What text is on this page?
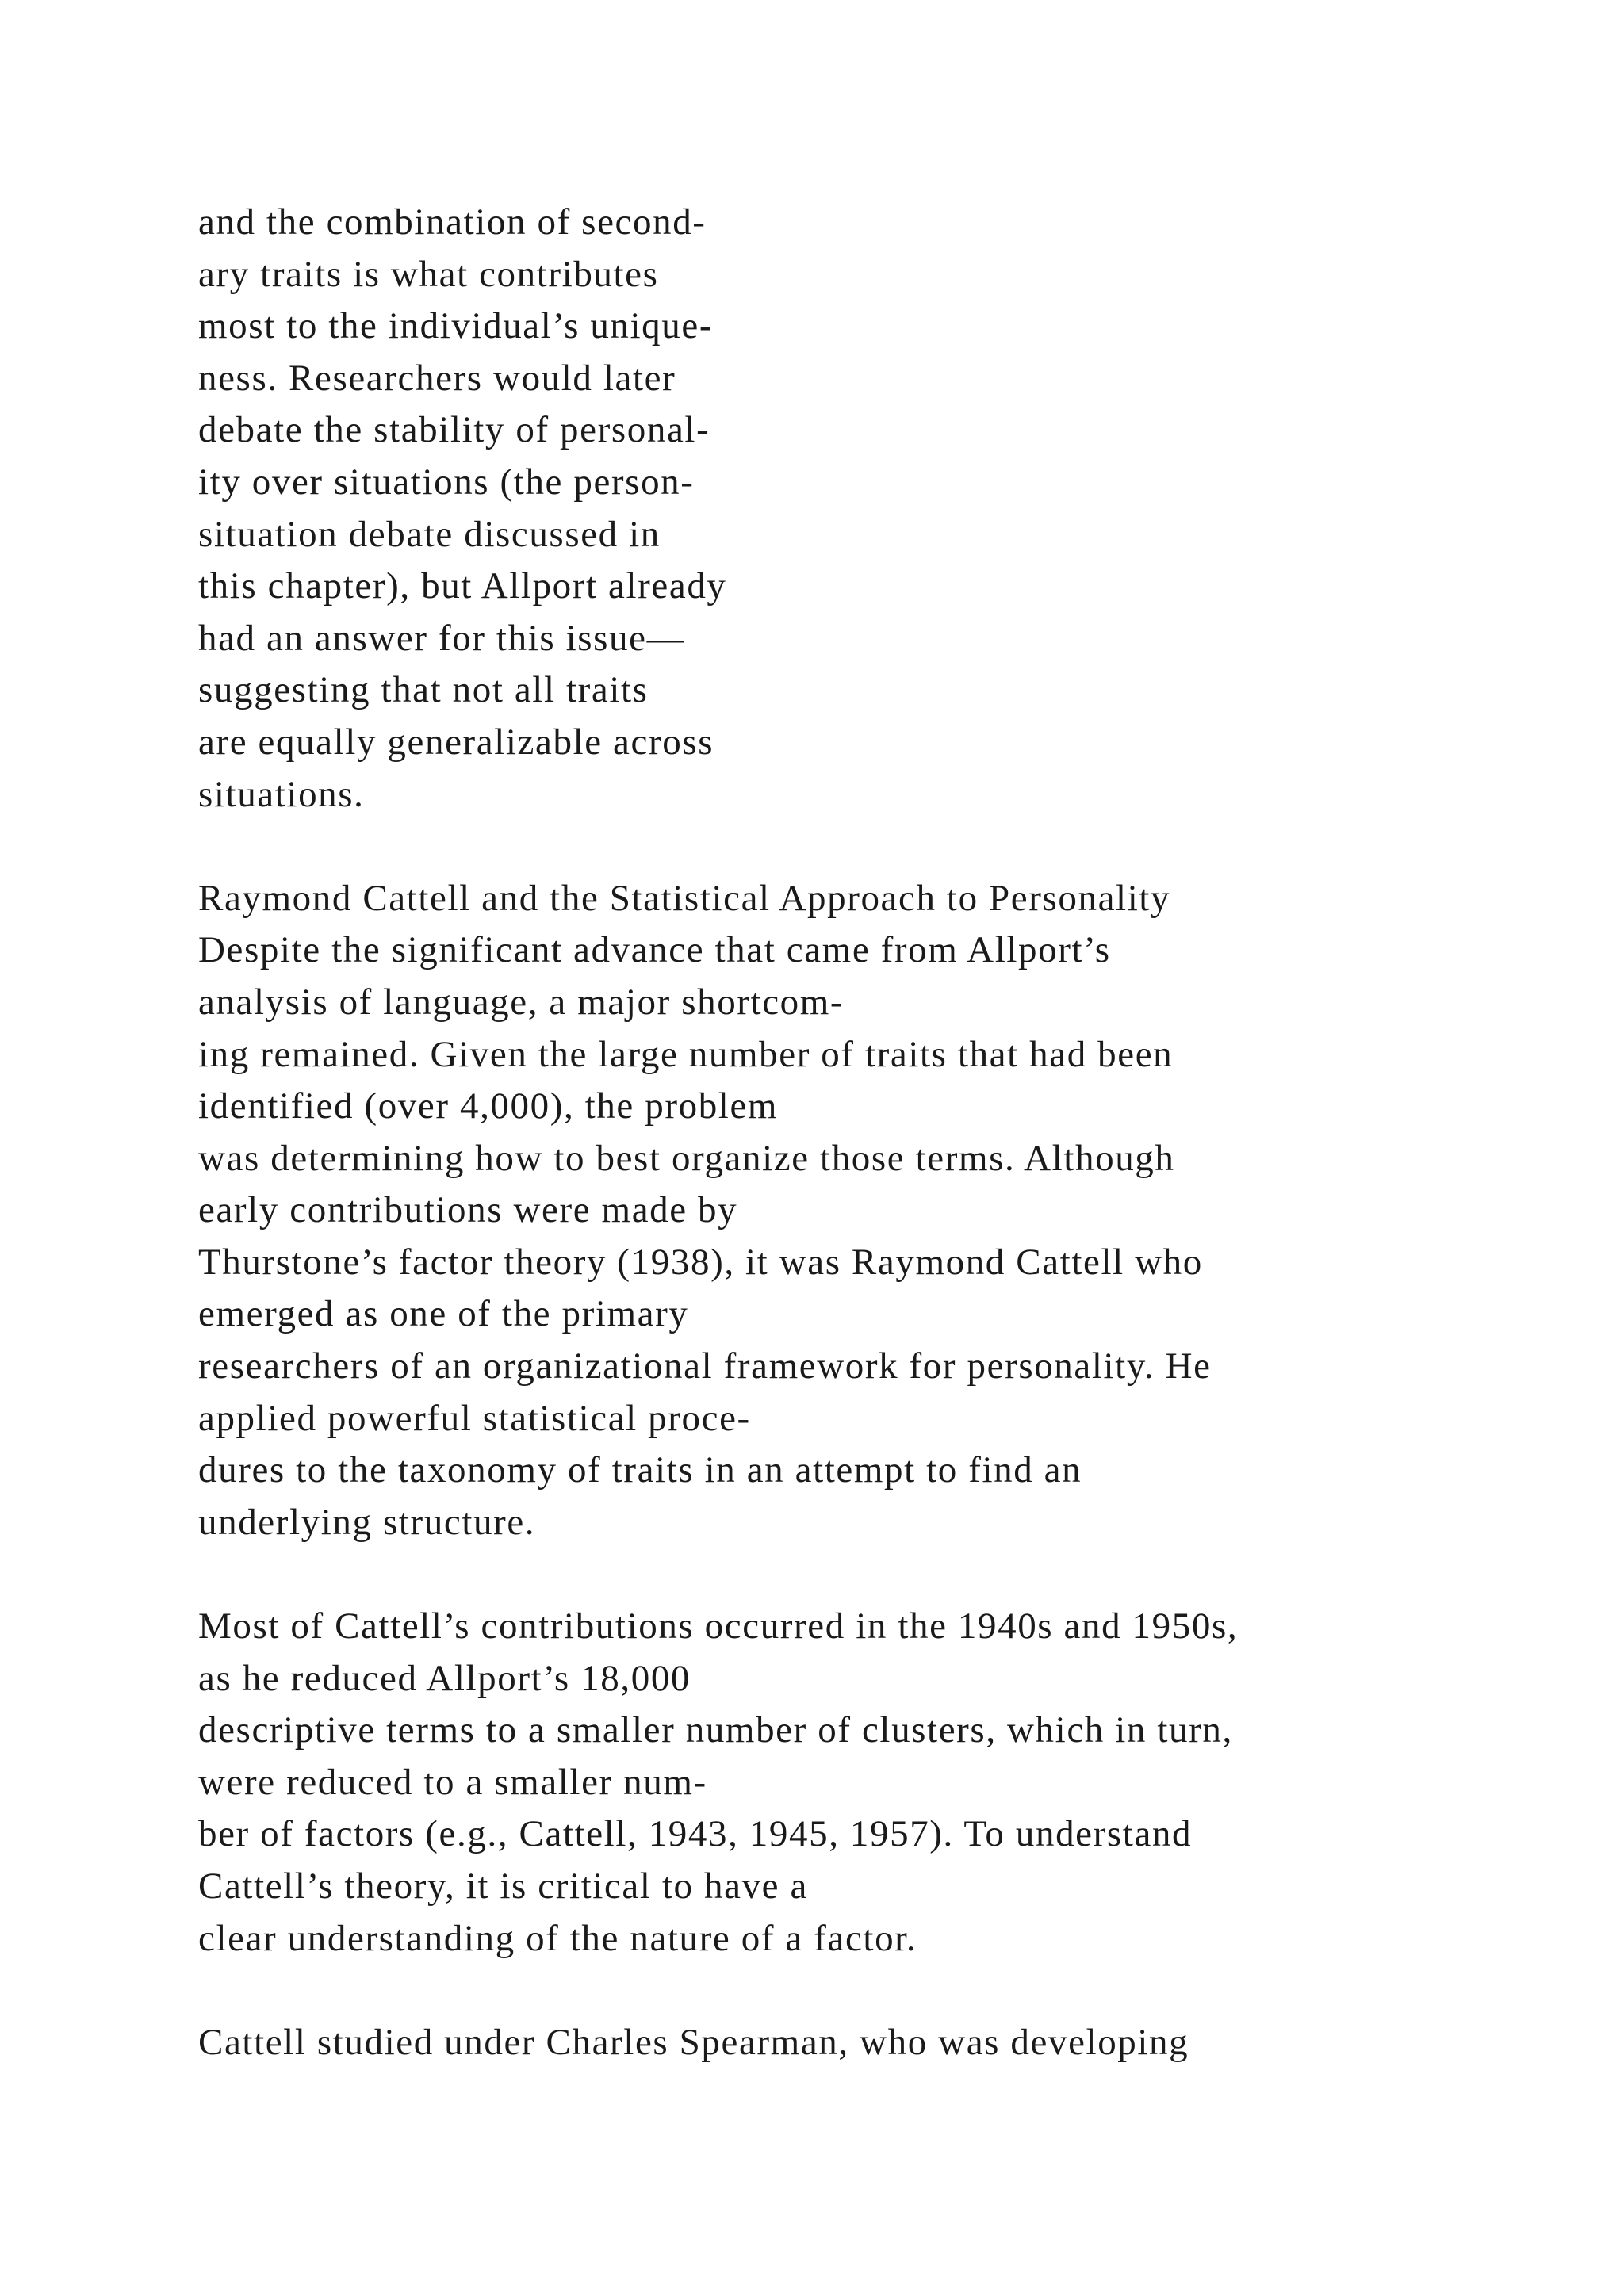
and the combination of second-
ary traits is what contributes
most to the individual’s unique-
ness. Researchers would later
debate the stability of personal-
ity over situations (the person-
situation debate discussed in
this chapter), but Allport already
had an answer for this issue—
suggesting that not all traits
are equally generalizable across
situations.

Raymond Cattell and the Statistical Approach to Personality
Despite the significant advance that came from Allport’s
analysis of language, a major shortcom-
ing remained. Given the large number of traits that had been
identified (over 4,000), the problem
was determining how to best organize those terms. Although
early contributions were made by
Thurstone’s factor theory (1938), it was Raymond Cattell who
emerged as one of the primary
researchers of an organizational framework for personality. He
applied powerful statistical proce-
dures to the taxonomy of traits in an attempt to find an
underlying structure.

Most of Cattell’s contributions occurred in the 1940s and 1950s,
as he reduced Allport’s 18,000
descriptive terms to a smaller number of clusters, which in turn,
were reduced to a smaller num-
ber of factors (e.g., Cattell, 1943, 1945, 1957). To understand
Cattell’s theory, it is critical to have a
clear understanding of the nature of a factor.

Cattell studied under Charles Spearman, who was developing
